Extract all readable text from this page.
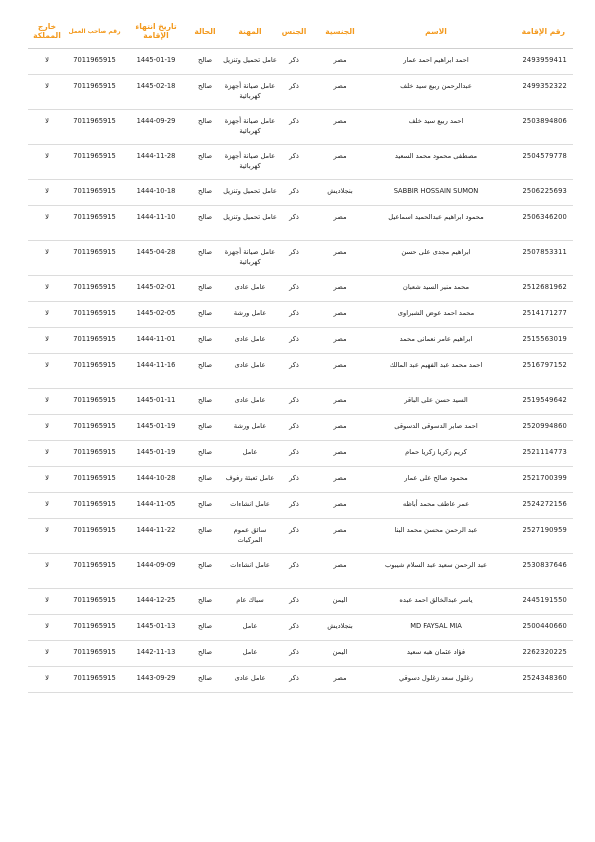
رقم الإقامة	الاسم	الجنسية	الجنس	المهنة	الحالة	تاريخ انتهاء الإقامة	رقم صاحب العمل	خارج المملكة
2493959411	احمد ابراهيم احمد عمار	مصر	ذكر	عامل تحميل وتنزيل	صالح	1445-01-19	7011965915	لا
2499352322	عبدالرحمن ربيع سيد خلف	مصر	ذكر	عامل صيانة أجهزة كهربائية	صالح	1445-02-18	7011965915	لا
2503894806	احمد ربيع سيد خلف	مصر	ذكر	عامل صيانة أجهزة كهربائية	صالح	1444-09-29	7011965915	لا
2504579778	مصطفى محمود محمد السعيد	مصر	ذكر	عامل صيانة أجهزة كهربائية	صالح	1444-11-28	7011965915	لا
2506225693	SABBIR HOSSAIN SUMON	بنجلاديش	ذكر	عامل تحميل وتنزيل	صالح	1444-10-18	7011965915	لا
2506346200	محمود ابراهيم عبدالحميد اسماعيل	مصر	ذكر	عامل تحميل وتنزيل	صالح	1444-11-10	7011965915	لا
2507853311	ابراهيم مجدى على حسن	مصر	ذكر	عامل صيانة أجهزة كهربائية	صالح	1445-04-28	7011965915	لا
2512681962	محمد منير السيد شعبان	مصر	ذكر	عامل عادى	صالح	1445-02-01	7011965915	لا
2514171277	محمد احمد عوض الشبراوى	مصر	ذكر	عامل ورشة	صالح	1445-02-05	7011965915	لا
2515563019	ابراهيم عامر نعمانى محمد	مصر	ذكر	عامل عادى	صالح	1444-11-01	7011965915	لا
2516797152	احمد محمد عبد الفهيم عبد المالك	مصر	ذكر	عامل عادى	صالح	1444-11-16	7011965915	لا
2519549642	السيد حسن على الباقر	مصر	ذكر	عامل عادى	صالح	1445-01-11	7011965915	لا
2520994860	احمد صابر الدسوقى الدسوقى	مصر	ذكر	عامل ورشة	صالح	1445-01-19	7011965915	لا
2521114773	كريم زكريا زكريا حمام	مصر	ذكر	عامل	صالح	1445-01-19	7011965915	لا
2521700399	محمود صالح على عمار	مصر	ذكر	عامل تعبئة رفوف	صالح	1444-10-28	7011965915	لا
2524272156	عمر عاطف محمد أباظه	مصر	ذكر	عامل انشاءات	صالح	1444-11-05	7011965915	لا
2527190959	عبد الرحمن محسن محمد البنا	مصر	ذكر	سائق عموم المركبات	صالح	1444-11-22	7011965915	لا
2530837646	عبد الرحمن سعيد عبد السلام شيبوب	مصر	ذكر	عامل انشاءات	صالح	1444-09-09	7011965915	لا
2445191550	ياسر عبدالخالق احمد عبده	اليمن	ذكر	سباك عام	صالح	1444-12-25	7011965915	لا
2500440660	MD FAYSAL MIA	بنجلاديش	ذكر	عامل	صالح	1445-01-13	7011965915	لا
2262320225	فؤاد عثمان هبه سعيد	اليمن	ذكر	عامل	صالح	1442-11-13	7011965915	لا
2524348360	زغلول سعد زغلول دسوقي	مصر	ذكر	عامل عادى	صالح	1443-09-29	7011965915	لا
